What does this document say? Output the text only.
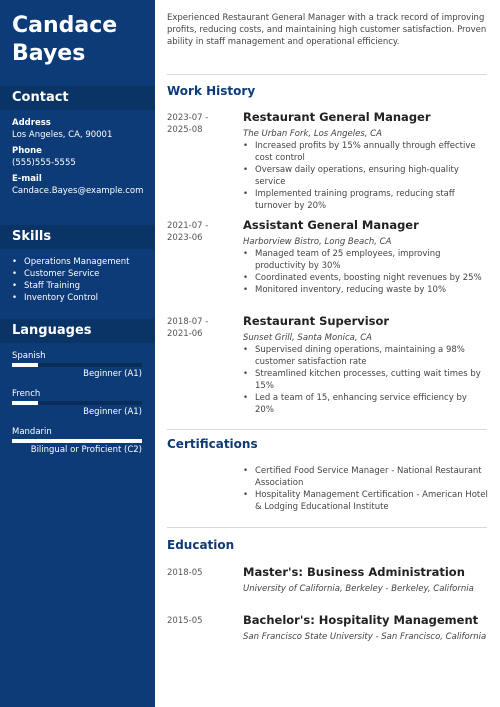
Candace
Bayes
Contact
Address
Los Angeles, CA, 90001
Phone
(555)555-5555
E-mail
Candace.Bayes@example.com
Skills
• Operations Management
• Customer Service
• Staff Training
• Inventory Control
Languages
Spanish
Beginner (A1)
French
Beginner (A1)
Mandarin
Bilingual or Proficient (C2)
Experienced Restaurant General Manager with a track record of improving profits, reducing costs, and maintaining high customer satisfaction. Proven ability in staff management and operational efficiency.
Work History
2023-07 -
2025-08
Restaurant General Manager
The Urban Fork, Los Angeles, CA
• Increased profits by 15% annually through effective cost control
• Oversaw daily operations, ensuring high-quality service
• Implemented training programs, reducing staff turnover by 20%
2021-07 -
2023-06
Assistant General Manager
Harborview Bistro, Long Beach, CA
• Managed team of 25 employees, improving productivity by 30%
• Coordinated events, boosting night revenues by 25%
• Monitored inventory, reducing waste by 10%
2018-07 -
2021-06
Restaurant Supervisor
Sunset Grill, Santa Monica, CA
• Supervised dining operations, maintaining a 98% customer satisfaction rate
• Streamlined kitchen processes, cutting wait times by 15%
• Led a team of 15, enhancing service efficiency by 20%
Certifications
• Certified Food Service Manager - National Restaurant Association
• Hospitality Management Certification - American Hotel & Lodging Educational Institute
Education
2018-05	Master's: Business Administration
University of California, Berkeley - Berkeley, California
2015-05	Bachelor's: Hospitality Management
San Francisco State University - San Francisco, California
